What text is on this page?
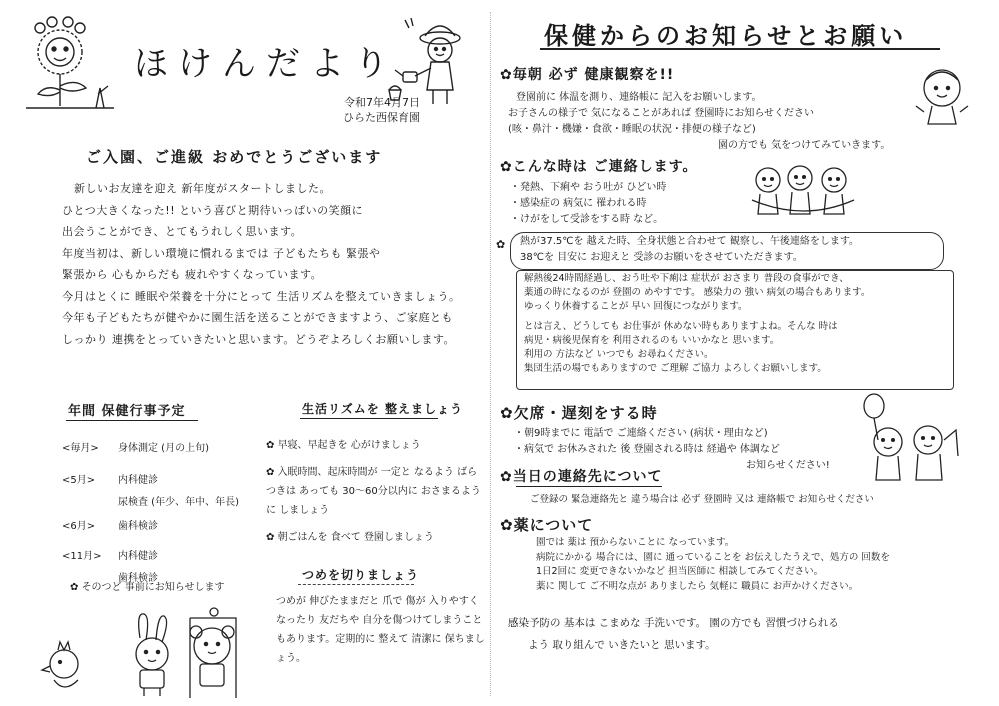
ほけんだより
令和7年4月7日
ひらた西保育園
ご入園、ご進級 おめでとうございます
新しいお友達を迎え 新年度がスタートしました。
ひとつ大きくなった!! という喜びと期待いっぱいの笑顔に
出会うことができ、とてもうれしく思います。
年度当初は、新しい環境に慣れるまでは 子どもたちも 緊張や
緊張から 心もからだも 疲れやすくなっています。
今月はとくに 睡眠や栄養を十分にとって 生活リズムを整えていきましょう。
今年も子どもたちが健やかに園生活を送ることができますよう、ご家庭とも
しっかり 連携をとっていきたいと思います。どうぞよろしくお願いします。
年間 保健行事予定
<毎月> 身体測定 (月の上旬)
<5月> 内科健診
尿検査 (年少、年中、年長)
<6月> 歯科検診
<11月> 内科健診
歯科検診
✿ そのつど 事前にお知らせします
生活リズムを 整えましょう
✿ 早寝、早起きを 心がけましょう
✿ 入眠時間、起床時間が 一定と なるよう ばらつきは あっても 30～60分以内に おさまるように しましょう
✿ 朝ごはんを 食べて 登園しましょう
つめを切りましょう
つめが 伸びたままだと 爪で 傷が 入りやすくなったり 友だちや 自分を傷つけてしまうこともあります。定期的に 整えて 清潔に 保ちましょう。
保健からのお知らせとお願い
✿毎朝 必ず 健康観察を!!
登園前に 体温を測り、連絡帳に 記入をお願いします。
お子さんの様子で 気になることがあれば 登園時にお知らせください
(咳・鼻汁・機嫌・食欲・睡眠の状況・排便の様子など)
園の方でも 気をつけてみていきます。
✿こんな時は ご連絡します。
・発熱、下痢や おう吐が ひどい時
・感染症の 病気に 罹われる時
・けがをして受診をする時 など。
熱が37.5℃を 越えた時、全身状態と合わせて 観察し、午後連絡をします。
38℃を 目安に お迎えと 受診のお願いをさせていただきます。
✿
解熱後24時間経過し、おう吐や下痢は 症状が おさまり 普段の食事ができ、
薬通の時になるのが 登園の めやすです。 感染力の 強い 病気の場合もあります。
ゆっくり休養することが 早い 回復につながります。
とは言え、どうしても お仕事が 休めない時もありますよね。そんな 時は
病児・病後児保育を 利用されるのも いいかなと 思います。
利用の 方法など いつでも お尋ねください。
集団生活の場でもありますので ご理解 ご協力 よろしくお願いします。
✿欠席・遅刻をする時
・朝9時までに 電話で ご連絡ください (病状・理由など)
・病気で お休みされた 後 登園される時は 経過や 体調など
お知らせください!
✿当日の連絡先について
ご登録の 緊急連絡先と 違う場合は 必ず 登園時 又は 連絡帳で お知らせください
✿薬について
園では 薬は 預からないことに なっています。
病院にかかる 場合には、園に 通っていることを お伝えしたうえで、処方の 回数を
1日2回に 変更できないかなど 担当医師に 相談してみてください。
薬に 関して ご不明な点が ありましたら 気軽に 職員に お声かけください。
感染予防の 基本は こまめな 手洗いです。 園の方でも 習慣づけられる
よう 取り組んで いきたいと 思います。
